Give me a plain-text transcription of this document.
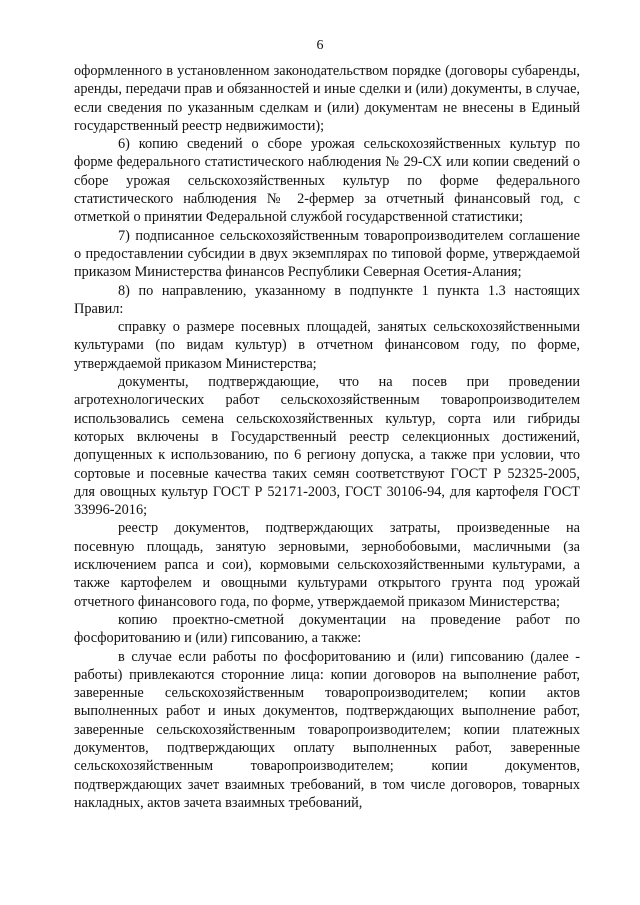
6

оформленного в установленном законодательством порядке (договоры субаренды, аренды, передачи прав и обязанностей и иные сделки и (или) документы, в случае, если сведения по указанным сделкам и (или) документам не внесены в Единый государственный реестр недвижимости);

6) копию сведений о сборе урожая сельскохозяйственных культур по форме федерального статистического наблюдения № 29-СХ или копии сведений о сборе урожая сельскохозяйственных культур по форме федерального статистического наблюдения № 2-фермер за отчетный финансовый год, с отметкой о принятии Федеральной службой государственной статистики;

7) подписанное сельскохозяйственным товаропроизводителем соглашение о предоставлении субсидии в двух экземплярах по типовой форме, утверждаемой приказом Министерства финансов Республики Северная Осетия-Алания;

8) по направлению, указанному в подпункте 1 пункта 1.3 настоящих Правил:

справку о размере посевных площадей, занятых сельскохозяйственными культурами (по видам культур) в отчетном финансовом году, по форме, утверждаемой приказом Министерства;

документы, подтверждающие, что на посев при проведении агротехнологических работ сельскохозяйственным товаропроизводителем использовались семена сельскохозяйственных культур, сорта или гибриды которых включены в Государственный реестр селекционных достижений, допущенных к использованию, по 6 региону допуска, а также при условии, что сортовые и посевные качества таких семян соответствуют ГОСТ Р 52325-2005, для овощных культур ГОСТ Р 52171-2003, ГОСТ 30106-94, для картофеля ГОСТ 33996-2016;

реестр документов, подтверждающих затраты, произведенные на посевную площадь, занятую зерновыми, зернобобовыми, масличными (за исключением рапса и сои), кормовыми сельскохозяйственными культурами, а также картофелем и овощными культурами открытого грунта под урожай отчетного финансового года, по форме, утверждаемой приказом Министерства;

копию проектно-сметной документации на проведение работ по фосфоритованию и (или) гипсованию, а также:

в случае если работы по фосфоритованию и (или) гипсованию (далее - работы) привлекаются сторонние лица: копии договоров на выполнение работ, заверенные сельскохозяйственным товаропроизводителем; копии актов выполненных работ и иных документов, подтверждающих выполнение работ, заверенные сельскохозяйственным товаропроизводителем; копии платежных документов, подтверждающих оплату выполненных работ, заверенные сельскохозяйственным товаропроизводителем; копии документов, подтверждающих зачет взаимных требований, в том числе договоров, товарных накладных, актов зачета взаимных требований,
